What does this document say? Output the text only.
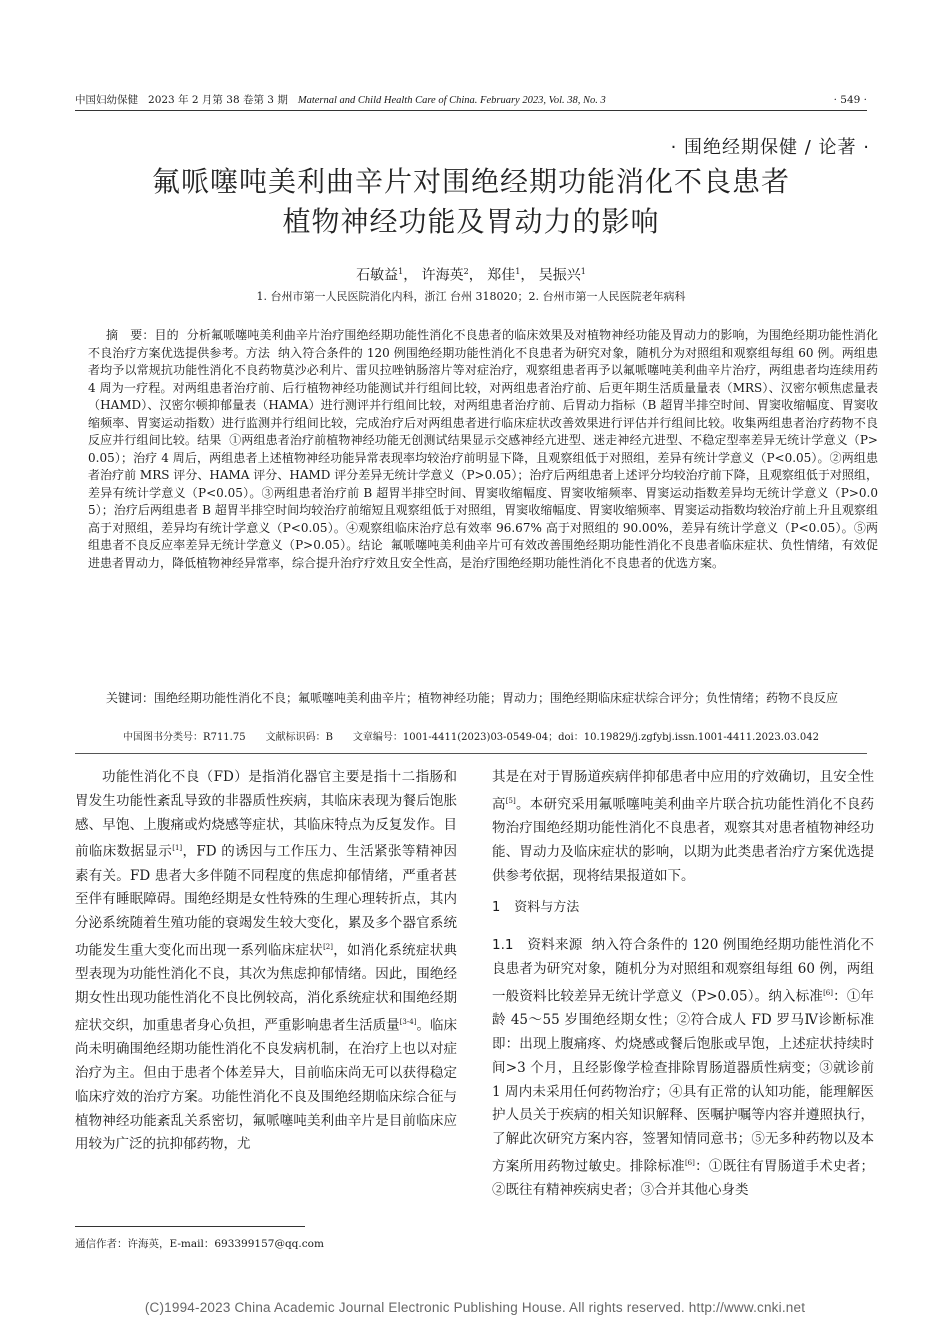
中国妇幼保健 2023 年 2 月第 38 卷第 3 期 Maternal and Child Health Care of China. February 2023, Vol. 38, No. 3	· 549 ·
· 围绝经期保健 / 论著 ·
氟哌噻吨美利曲辛片对围绝经期功能消化不良患者
植物神经功能及胃动力的影响
石敏益$^1$， 许海英$^2$， 郑佳$^1$， 吴振兴$^1$
1. 台州市第一人民医院消化内科，浙江 台州 318020；2. 台州市第一人民医院老年病科
摘　要：目的 分析氟哌噻吨美利曲辛片治疗围绝经期功能性消化不良患者的临床效果及对植物神经功能及胃动力的影响，为围绝经期功能性消化不良治疗方案优选提供参考。方法 纳入符合条件的 120 例围绝经期功能性消化不良患者为研究对象，随机分为对照组和观察组每组 60 例。两组患者均予以常规抗功能性消化不良药物莫沙必利片、雷贝拉唑钠肠溶片等对症治疗，观察组患者再予以氟哌噻吨美利曲辛片治疗，两组患者均连续用药 4 周为一疗程。对两组患者治疗前、后行植物神经功能测试并行组间比较，对两组患者治疗前、后更年期生活质量量表（MRS）、汉密尔顿焦虑量表（HAMD）、汉密尔顿抑郁量表（HAMA）进行测评并行组间比较，对两组患者治疗前、后胃动力指标（B 超胃半排空时间、胃窦收缩幅度、胃窦收缩频率、胃窦运动指数）进行监测并行组间比较，完成治疗后对两组患者进行临床症状改善效果进行评估并行组间比较。收集两组患者治疗药物不良反应并行组间比较。结果 ①两组患者治疗前植物神经功能无创测试结果显示交感神经亢进型、迷走神经亢进型、不稳定型率差异无统计学意义（P>0.05）；治疗 4 周后，两组患者上述植物神经功能异常表现率均较治疗前明显下降，且观察组低于对照组，差异有统计学意义（P<0.05）。②两组患者治疗前 MRS 评分、HAMA 评分、HAMD 评分差异无统计学意义（P>0.05）；治疗后两组患者上述评分均较治疗前下降，且观察组低于对照组，差异有统计学意义（P<0.05）。③两组患者治疗前 B 超胃半排空时间、胃窦收缩幅度、胃窦收缩频率、胃窦运动指数差异均无统计学意义（P>0.05）；治疗后两组患者 B 超胃半排空时间均较治疗前缩短且观察组低于对照组，胃窦收缩幅度、胃窦收缩频率、胃窦运动指数均较治疗前上升且观察组高于对照组，差异均有统计学意义（P<0.05）。④观察组临床治疗总有效率 96.67% 高于对照组的 90.00%，差异有统计学意义（P<0.05）。⑤两组患者不良反应率差异无统计学意义（P>0.05）。结论 氟哌噻吨美利曲辛片可有效改善围绝经期功能性消化不良患者临床症状、负性情绪，有效促进患者胃动力，降低植物神经异常率，综合提升治疗疗效且安全性高，是治疗围绝经期功能性消化不良患者的优选方案。
关键词：围绝经期功能性消化不良；氟哌噻吨美利曲辛片；植物神经功能；胃动力；围绝经期临床症状综合评分；负性情绪；药物不良反应
中国图书分类号：R711.75　　文献标识码：B　　文章编号：1001-4411(2023)03-0549-04；doi：10.19829/j.zgfybj.issn.1001-4411.2023.03.042

功能性消化不良（FD）是指消化器官主要是指十二指肠和胃发生功能性紊乱导致的非器质性疾病，其临床表现为餐后饱胀感、早饱、上腹痛或灼烧感等症状，其临床特点为反复发作。目前临床数据显示[1]，FD 的诱因与工作压力、生活紧张等精神因素有关。FD 患者大多伴随不同程度的焦虑抑郁情绪，严重者甚至伴有睡眠障碍。围绝经期是女性特殊的生理心理转折点，其内分泌系统随着生殖功能的衰竭发生较大变化，累及多个器官系统功能发生重大变化而出现一系列临床症状[2]，如消化系统症状典型表现为功能性消化不良，其次为焦虑抑郁情绪。因此，围绝经期女性出现功能性消化不良比例较高，消化系统症状和围绝经期症状交织，加重患者身心负担，严重影响患者生活质量[3-4]。临床尚未明确围绝经期功能性消化不良发病机制，在治疗上也以对症治疗为主。但由于患者个体差异大，目前临床尚无可以获得稳定临床疗效的治疗方案。功能性消化不良及围绝经期临床综合征与植物神经功能紊乱关系密切，氟哌噻吨美利曲辛片是目前临床应用较为广泛的抗抑郁药物，尤

其是在对于胃肠道疾病伴抑郁患者中应用的疗效确切，且安全性高[5]。本研究采用氟哌噻吨美利曲辛片联合抗功能性消化不良药物治疗围绝经期功能性消化不良患者，观察其对患者植物神经功能、胃动力及临床症状的影响，以期为此类患者治疗方案优选提供参考依据，现将结果报道如下。

1 资料与方法

1.1　资料来源 纳入符合条件的 120 例围绝经期功能性消化不良患者为研究对象，随机分为对照组和观察组每组 60 例，两组一般资料比较差异无统计学意义（P>0.05）。纳入标准[6]：①年龄 45～55 岁围绝经期女性；②符合成人 FD 罗马Ⅳ诊断标准即：出现上腹痛疼、灼烧感或餐后饱胀或早饱，上述症状持续时间>3 个月，且经影像学检查排除胃肠道器质性病变；③就诊前 1 周内未采用任何药物治疗；④具有正常的认知功能，能理解医护人员关于疾病的相关知识解释、医嘱护嘱等内容并遵照执行，了解此次研究方案内容，签署知情同意书；⑤无多种药物以及本方案所用药物过敏史。排除标准[6]：①既往有胃肠道手术史者；②既往有精神疾病史者；③合并其他心身类

通信作者：许海英，E-mail：693399157@qq.com
(C)1994-2023 China Academic Journal Electronic Publishing House. All rights reserved. http://www.cnki.net
